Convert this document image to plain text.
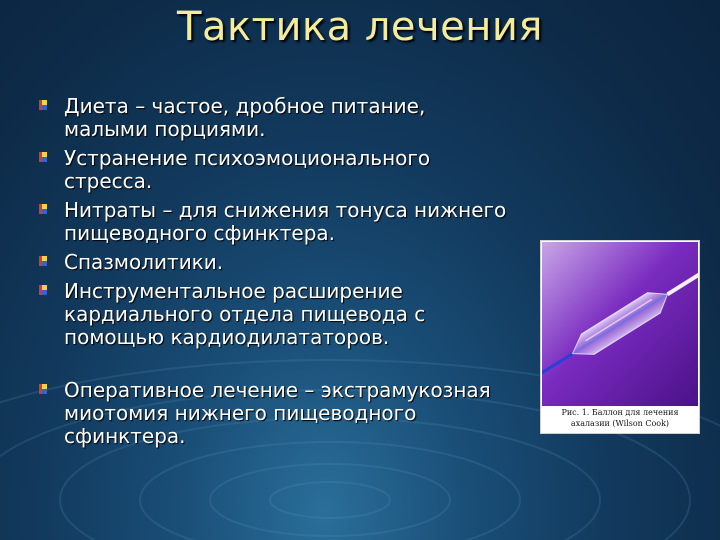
Тактика лечения
Диета – частое, дробное питание,
малыми порциями.
Устранение психоэмоционального
стресса.
Нитраты – для снижения тонуса нижнего
пищеводного сфинктера.
Спазмолитики.
Инструментальное расширение
кардиального отдела пищевода с
помощью кардиодилататоров.
Оперативное лечение – экстрамукозная
миотомия нижнего пищеводного
сфинктера.
Рис. 1. Баллон для лечения
ахалазии (Wilson Cook)
